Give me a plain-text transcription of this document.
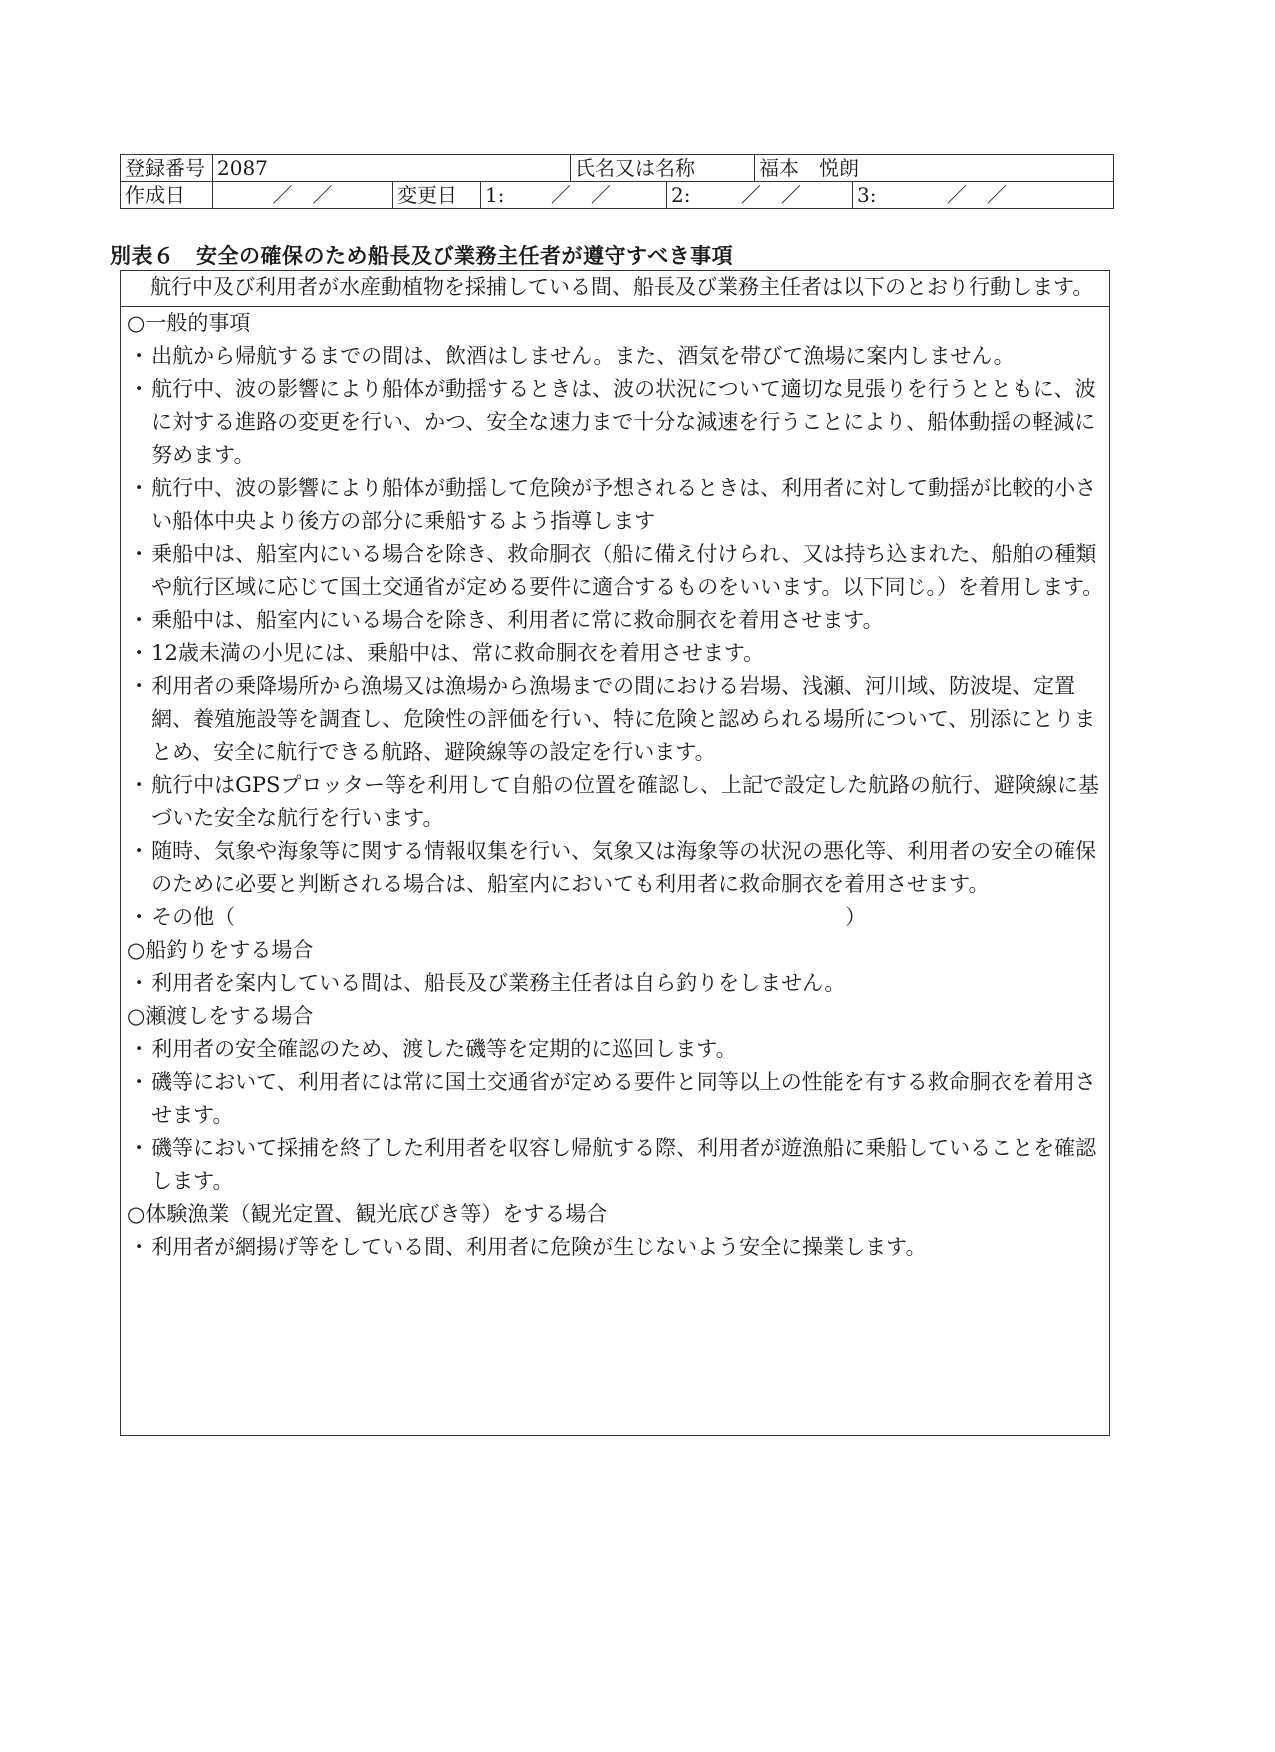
登録番号	2087			氏名又は名称		福本　悦朗	
作成日	／　／	変更日	1: ／　／		2: ／　／		3: ／　／
別表６　安全の確保のため船長及び業務主任者が遵守すべき事項
航行中及び利用者が水産動植物を採捕している間、船長及び業務主任者は以下のとおり行動します。
○一般的事項
・出航から帰航するまでの間は、飲酒はしません。また、酒気を帯びて漁場に案内しません。
・航行中、波の影響により船体が動揺するときは、波の状況について適切な見張りを行うとともに、波に対する進路の変更を行い、かつ、安全な速力まで十分な減速を行うことにより、船体動揺の軽減に努めます。
・航行中、波の影響により船体が動揺して危険が予想されるときは、利用者に対して動揺が比較的小さい船体中央より後方の部分に乗船するよう指導します
・乗船中は、船室内にいる場合を除き、救命胴衣（船に備え付けられ、又は持ち込まれた、船舶の種類や航行区域に応じて国土交通省が定める要件に適合するものをいいます。以下同じ。）を着用します。
・乗船中は、船室内にいる場合を除き、利用者に常に救命胴衣を着用させます。
・12歳未満の小児には、乗船中は、常に救命胴衣を着用させます。
・利用者の乗降場所から漁場又は漁場から漁場までの間における岩場、浅瀬、河川域、防波堤、定置網、養殖施設等を調査し、危険性の評価を行い、特に危険と認められる場所について、別添にとりまとめ、安全に航行できる航路、避険線等の設定を行います。
・航行中はGPSプロッター等を利用して自船の位置を確認し、上記で設定した航路の航行、避険線に基づいた安全な航行を行います。
・随時、気象や海象等に関する情報収集を行い、気象又は海象等の状況の悪化等、利用者の安全の確保のために必要と判断される場合は、船室内においても利用者に救命胴衣を着用させます。
・その他（	）
○船釣りをする場合
・利用者を案内している間は、船長及び業務主任者は自ら釣りをしません。
○瀬渡しをする場合
・利用者の安全確認のため、渡した磯等を定期的に巡回します。
・磯等において、利用者には常に国土交通省が定める要件と同等以上の性能を有する救命胴衣を着用させます。
・磯等において採捕を終了した利用者を収容し帰航する際、利用者が遊漁船に乗船していることを確認します。
○体験漁業（観光定置、観光底びき等）をする場合
・利用者が網揚げ等をしている間、利用者に危険が生じないよう安全に操業します。
